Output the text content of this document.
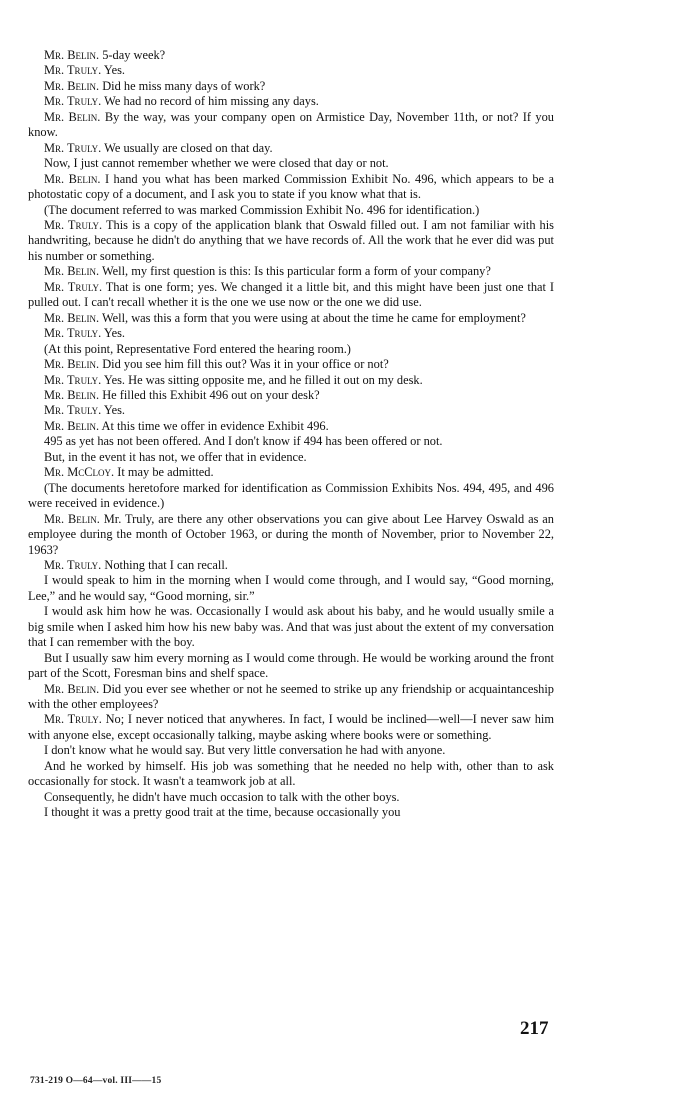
Mr. Belin. 5-day week?

Mr. Truly. Yes.

Mr. Belin. Did he miss many days of work?

Mr. Truly. We had no record of him missing any days.

Mr. Belin. By the way, was your company open on Armistice Day, November 11th, or not? If you know.

Mr. Truly. We usually are closed on that day.

Now, I just cannot remember whether we were closed that day or not.

Mr. Belin. I hand you what has been marked Commission Exhibit No. 496, which appears to be a photostatic copy of a document, and I ask you to state if you know what that is.

(The document referred to was marked Commission Exhibit No. 496 for identification.)

Mr. Truly. This is a copy of the application blank that Oswald filled out. I am not familiar with his handwriting, because he didn't do anything that we have records of. All the work that he ever did was put his number or something.

Mr. Belin. Well, my first question is this: Is this particular form a form of your company?

Mr. Truly. That is one form; yes. We changed it a little bit, and this might have been just one that I pulled out. I can't recall whether it is the one we use now or the one we did use.

Mr. Belin. Well, was this a form that you were using at about the time he came for employment?

Mr. Truly. Yes.

(At this point, Representative Ford entered the hearing room.)

Mr. Belin. Did you see him fill this out? Was it in your office or not?

Mr. Truly. Yes. He was sitting opposite me, and he filled it out on my desk.

Mr. Belin. He filled this Exhibit 496 out on your desk?

Mr. Truly. Yes.

Mr. Belin. At this time we offer in evidence Exhibit 496.

495 as yet has not been offered. And I don't know if 494 has been offered or not.

But, in the event it has not, we offer that in evidence.

Mr. McCloy. It may be admitted.

(The documents heretofore marked for identification as Commission Exhibits Nos. 494, 495, and 496 were received in evidence.)

Mr. Belin. Mr. Truly, are there any other observations you can give about Lee Harvey Oswald as an employee during the month of October 1963, or during the month of November, prior to November 22, 1963?

Mr. Truly. Nothing that I can recall.

I would speak to him in the morning when I would come through, and I would say, “Good morning, Lee,” and he would say, “Good morning, sir.”

I would ask him how he was. Occasionally I would ask about his baby, and he would usually smile a big smile when I asked him how his new baby was. And that was just about the extent of my conversation that I can remember with the boy.

But I usually saw him every morning as I would come through. He would be working around the front part of the Scott, Foresman bins and shelf space.

Mr. Belin. Did you ever see whether or not he seemed to strike up any friendship or acquaintanceship with the other employees?

Mr. Truly. No; I never noticed that anywheres. In fact, I would be inclined—well—I never saw him with anyone else, except occasionally talking, maybe asking where books were or something.

I don't know what he would say. But very little conversation he had with anyone.

And he worked by himself. His job was something that he needed no help with, other than to ask occasionally for stock. It wasn't a teamwork job at all.

Consequently, he didn't have much occasion to talk with the other boys.

I thought it was a pretty good trait at the time, because occasionally you

217
731-219 O—64—vol. III——15
